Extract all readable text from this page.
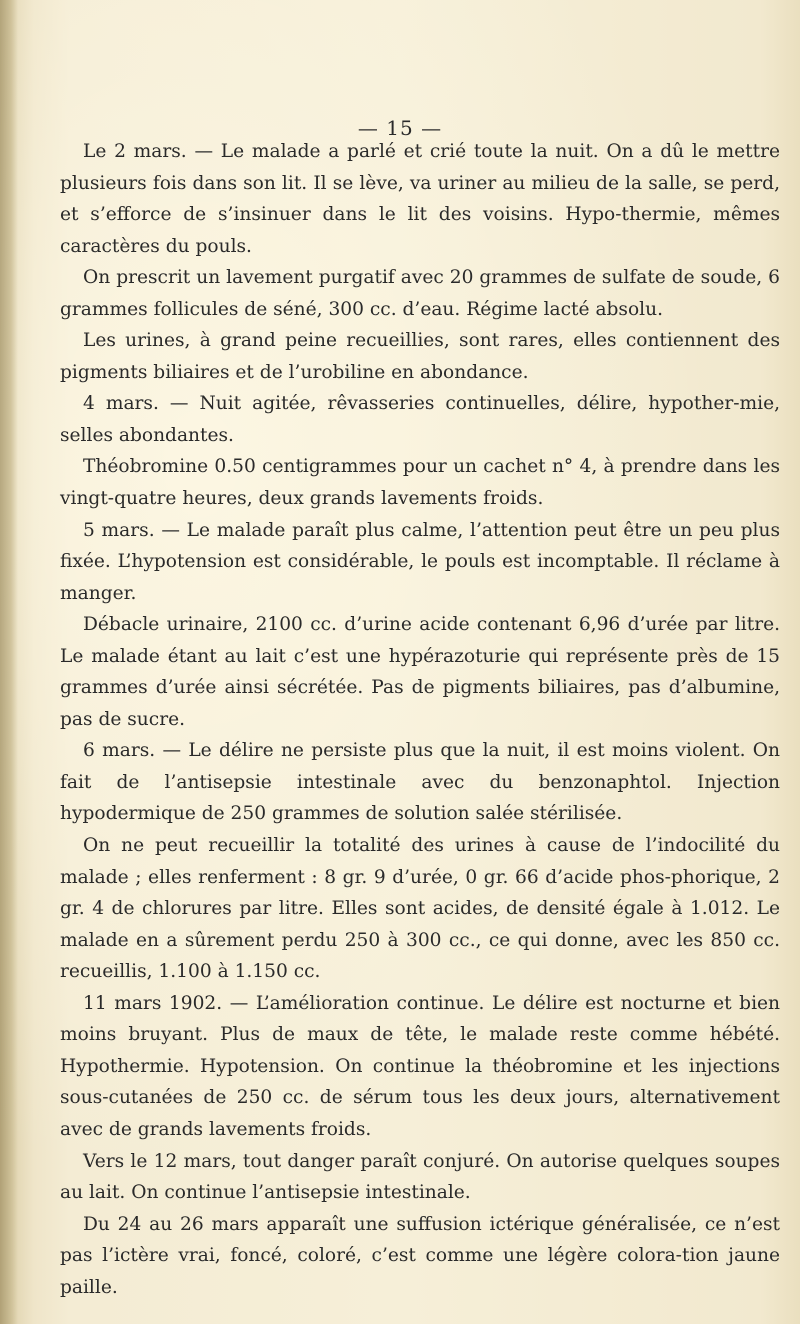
— 15 —

Le 2 mars. — Le malade a parlé et crié toute la nuit. On a dû le mettre plusieurs fois dans son lit. Il se lève, va uriner au milieu de la salle, se perd, et s’efforce de s’insinuer dans le lit des voisins. Hypo-thermie, mêmes caractères du pouls.

On prescrit un lavement purgatif avec 20 grammes de sulfate de soude, 6 grammes follicules de séné, 300 cc. d’eau. Régime lacté absolu.

Les urines, à grand peine recueillies, sont rares, elles contiennent des pigments biliaires et de l’urobiline en abondance.

4 mars. — Nuit agitée, rêvasseries continuelles, délire, hypother-mie, selles abondantes.

Théobromine 0.50 centigrammes pour un cachet n° 4, à prendre dans les vingt-quatre heures, deux grands lavements froids.

5 mars. — Le malade paraît plus calme, l’attention peut être un peu plus fixée. L’hypotension est considérable, le pouls est incomptable. Il réclame à manger.

Débacle urinaire, 2100 cc. d’urine acide contenant 6,96 d’urée par litre. Le malade étant au lait c’est une hypérazoturie qui représente près de 15 grammes d’urée ainsi sécrétée. Pas de pigments biliaires, pas d’albumine, pas de sucre.

6 mars. — Le délire ne persiste plus que la nuit, il est moins violent. On fait de l’antisepsie intestinale avec du benzonaphtol. Injection hypodermique de 250 grammes de solution salée stérilisée.

On ne peut recueillir la totalité des urines à cause de l’indocilité du malade ; elles renferment : 8 gr. 9 d’urée, 0 gr. 66 d’acide phos-phorique, 2 gr. 4 de chlorures par litre. Elles sont acides, de densité égale à 1.012. Le malade en a sûrement perdu 250 à 300 cc., ce qui donne, avec les 850 cc. recueillis, 1.100 à 1.150 cc.

11 mars 1902. — L’amélioration continue. Le délire est nocturne et bien moins bruyant. Plus de maux de tête, le malade reste comme hébété. Hypothermie. Hypotension. On continue la théobromine et les injections sous-cutanées de 250 cc. de sérum tous les deux jours, alternativement avec de grands lavements froids.

Vers le 12 mars, tout danger paraît conjuré. On autorise quelques soupes au lait. On continue l’antisepsie intestinale.

Du 24 au 26 mars apparaît une suffusion ictérique généralisée, ce n’est pas l’ictère vrai, foncé, coloré, c’est comme une légère colora-tion jaune paille.
